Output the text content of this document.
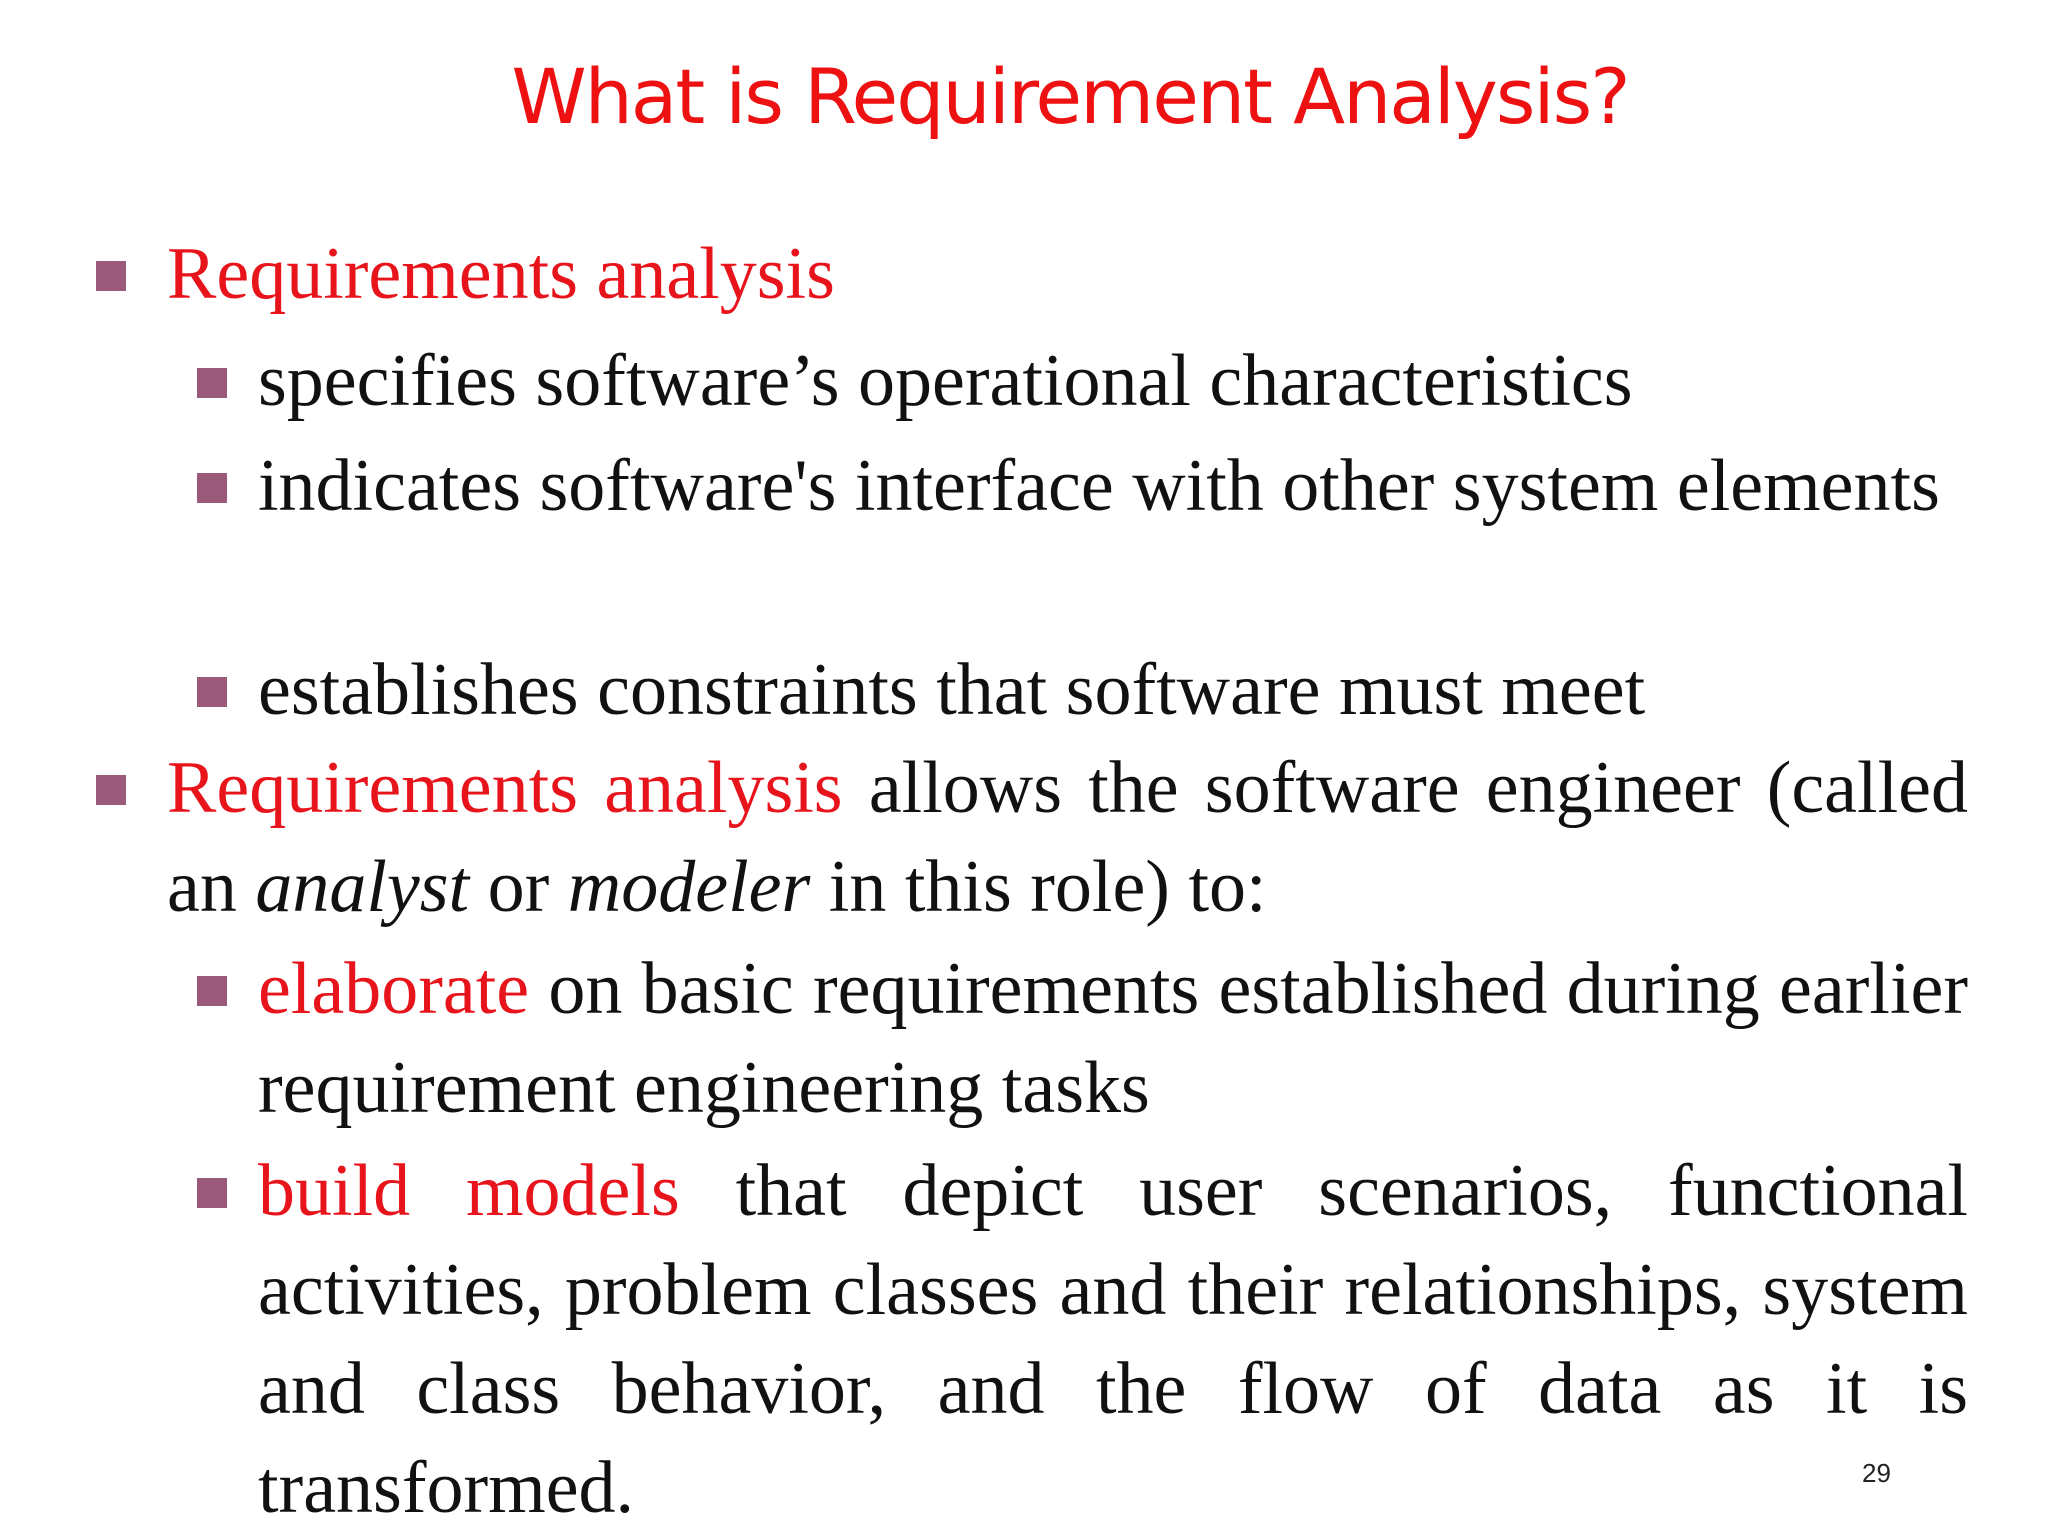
What is Requirement Analysis?
Requirements analysis
specifies software’s operational characteristics
indicates software's interface with other system elements
establishes constraints that software must meet
Requirements analysis allows the software engineer (called an analyst or modeler in this role) to:
elaborate on basic requirements established during earlier requirement engineering tasks
build models that depict user scenarios, functional activities, problem classes and their relationships, system and class behavior, and the flow of data as it is transformed.	29
